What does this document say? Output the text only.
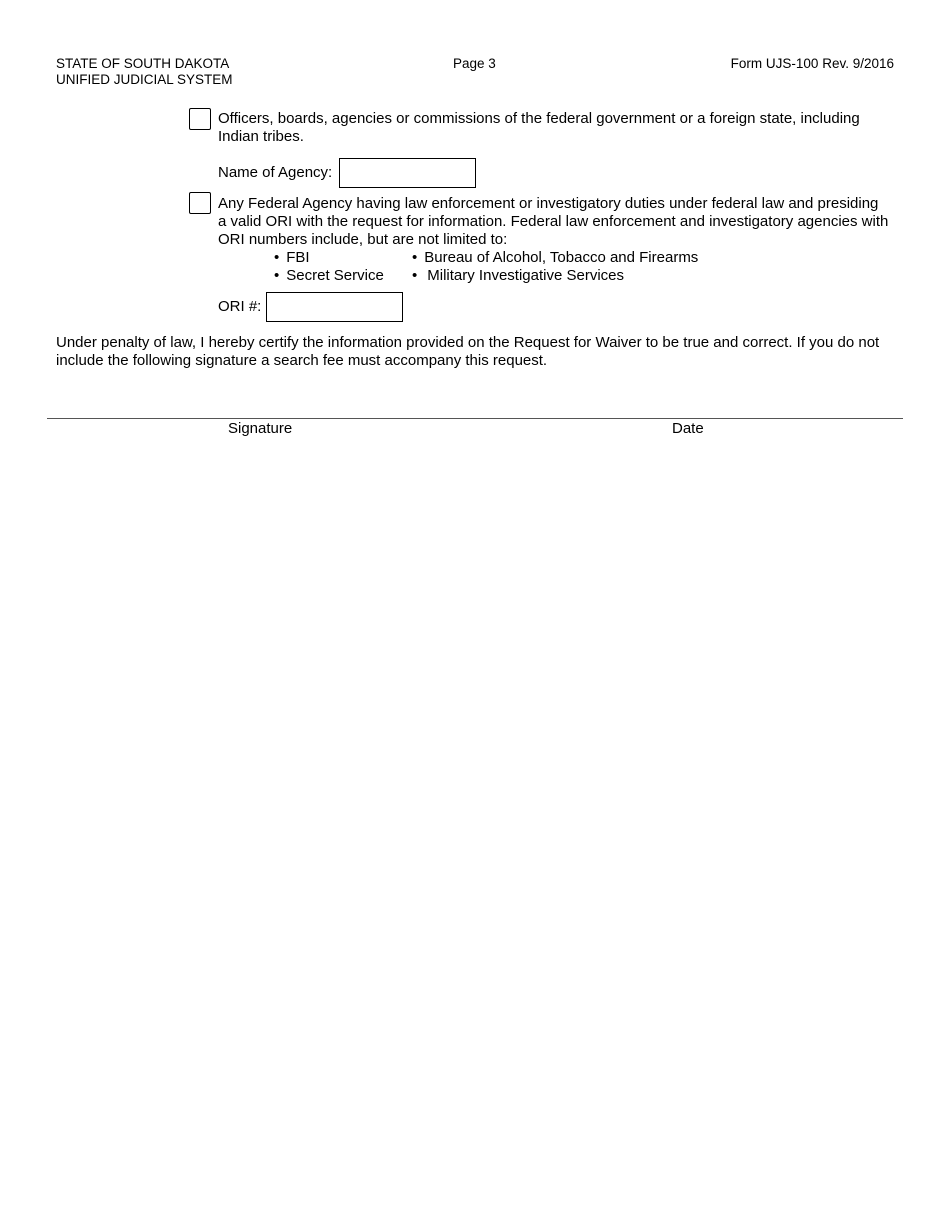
STATE OF SOUTH DAKOTA
UNIFIED JUDICIAL SYSTEM
Page 3	Form UJS-100 Rev. 9/2016
Officers, boards, agencies or commissions of the federal government or a foreign state, including Indian tribes.
Name of Agency:
Any Federal Agency having law enforcement or investigatory duties under federal law and presiding a valid ORI with the request for information. Federal law enforcement and investigatory agencies with ORI numbers include, but are not limited to:
• FBI	• Bureau of Alcohol, Tobacco and Firearms
• Secret Service • Military Investigative Services
ORI #:
Under penalty of law, I hereby certify the information provided on the Request for Waiver to be true and correct. If you do not include the following signature a search fee must accompany this request.
Signature	Date
